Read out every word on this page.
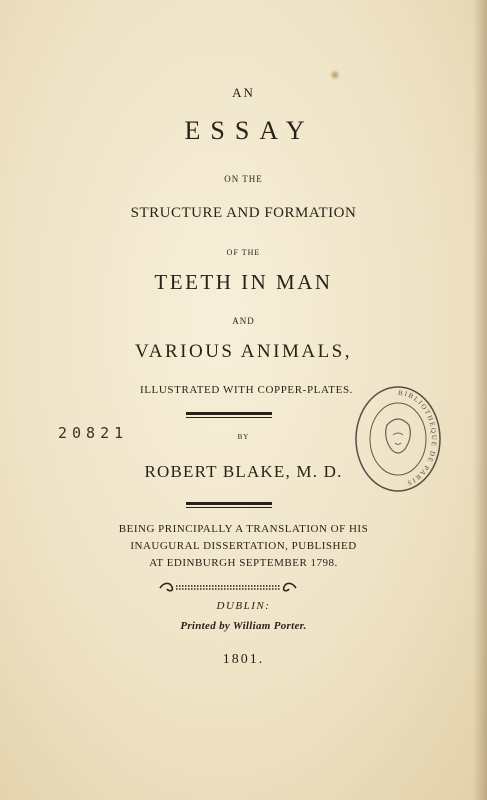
AN
ESSAY
ON THE
STRUCTURE AND FORMATION
OF THE
TEETH IN MAN
AND
VARIOUS ANIMALS,
ILLUSTRATED WITH COPPER-PLATES.
20821	BY
ROBERT BLAKE, M. D.
BEING PRINCIPALLY A TRANSLATION OF HIS
INAUGURAL DISSERTATION, PUBLISHED
AT EDINBURGH SEPTEMBER 1798.
DUBLIN:
Printed by William Porter.
1801.
BIBLIOTHEQUE DE PARIS
